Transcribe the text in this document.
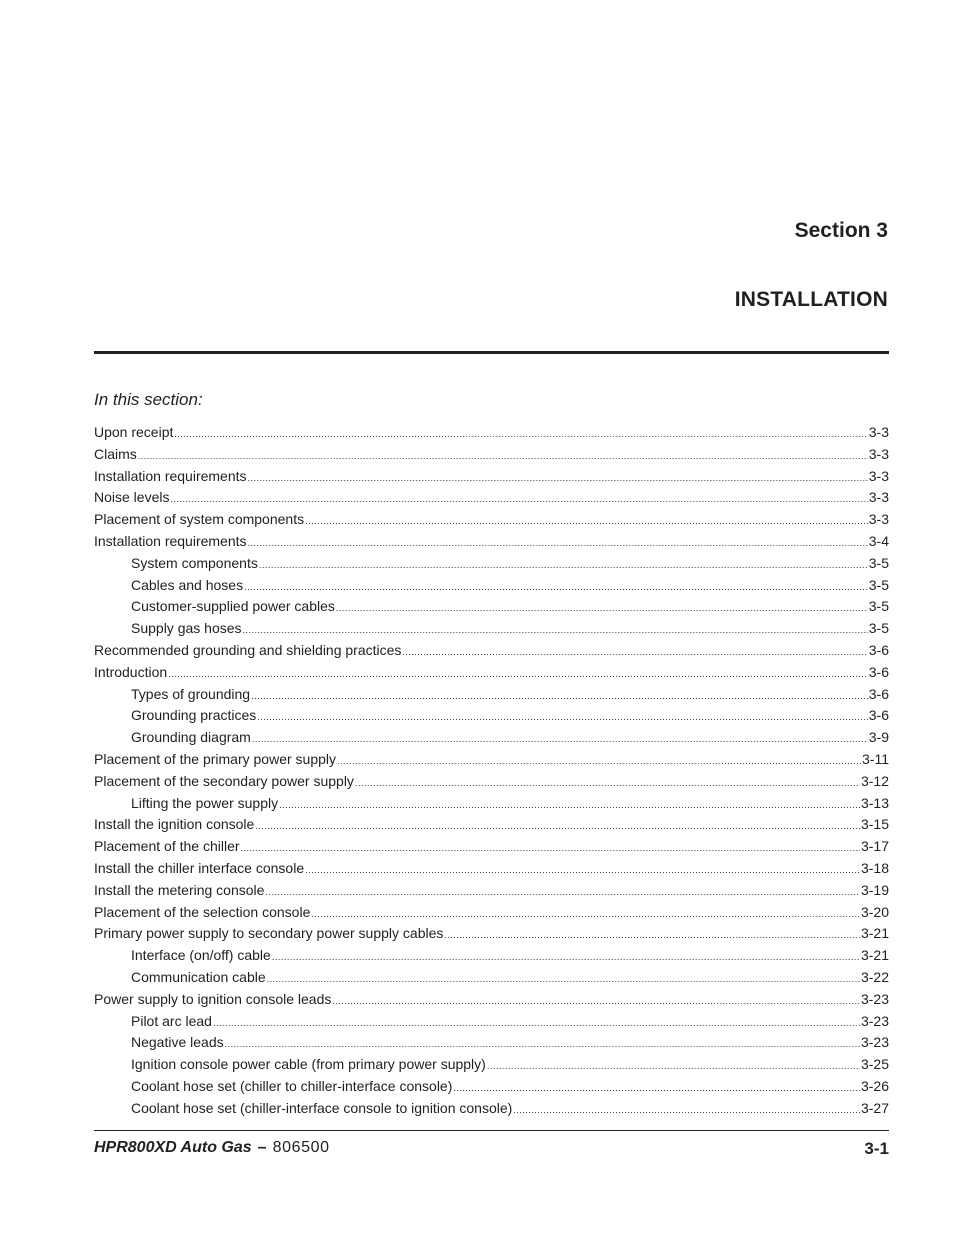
Section 3
INSTALLATION

In this section:

Upon receipt .....	3-3
Claims .....	3-3
Installation requirements .....	3-3
Noise levels .....	3-3
Placement of system components .....	3-3
Installation requirements .....	3-4
System components .....	3-5
Cables and hoses .....	3-5
Customer-supplied power cables .....	3-5
Supply gas hoses .....	3-5
Recommended grounding and shielding practices .....	3-6
Introduction .....	3-6
Types of grounding .....	3-6
Grounding practices .....	3-6
Grounding diagram .....	3-9
Placement of the primary power supply .....	3-11
Placement of the secondary power supply .....	3-12
Lifting the power supply .....	3-13
Install the ignition console .....	3-15
Placement of the chiller .....	3-17
Install the chiller interface console .....	3-18
Install the metering console .....	3-19
Placement of the selection console .....	3-20
Primary power supply to secondary power supply cables .....	3-21
Interface (on/off) cable .....	3-21
Communication cable .....	3-22
Power supply to ignition console leads .....	3-23
Pilot arc lead .....	3-23
Negative leads .....	3-23
Ignition console power cable (from primary power supply) .....	3-25
Coolant hose set (chiller to chiller-interface console) .....	3-26
Coolant hose set (chiller-interface console to ignition console) .....	3-27
HPR800XD Auto Gas – 806500	3-1
